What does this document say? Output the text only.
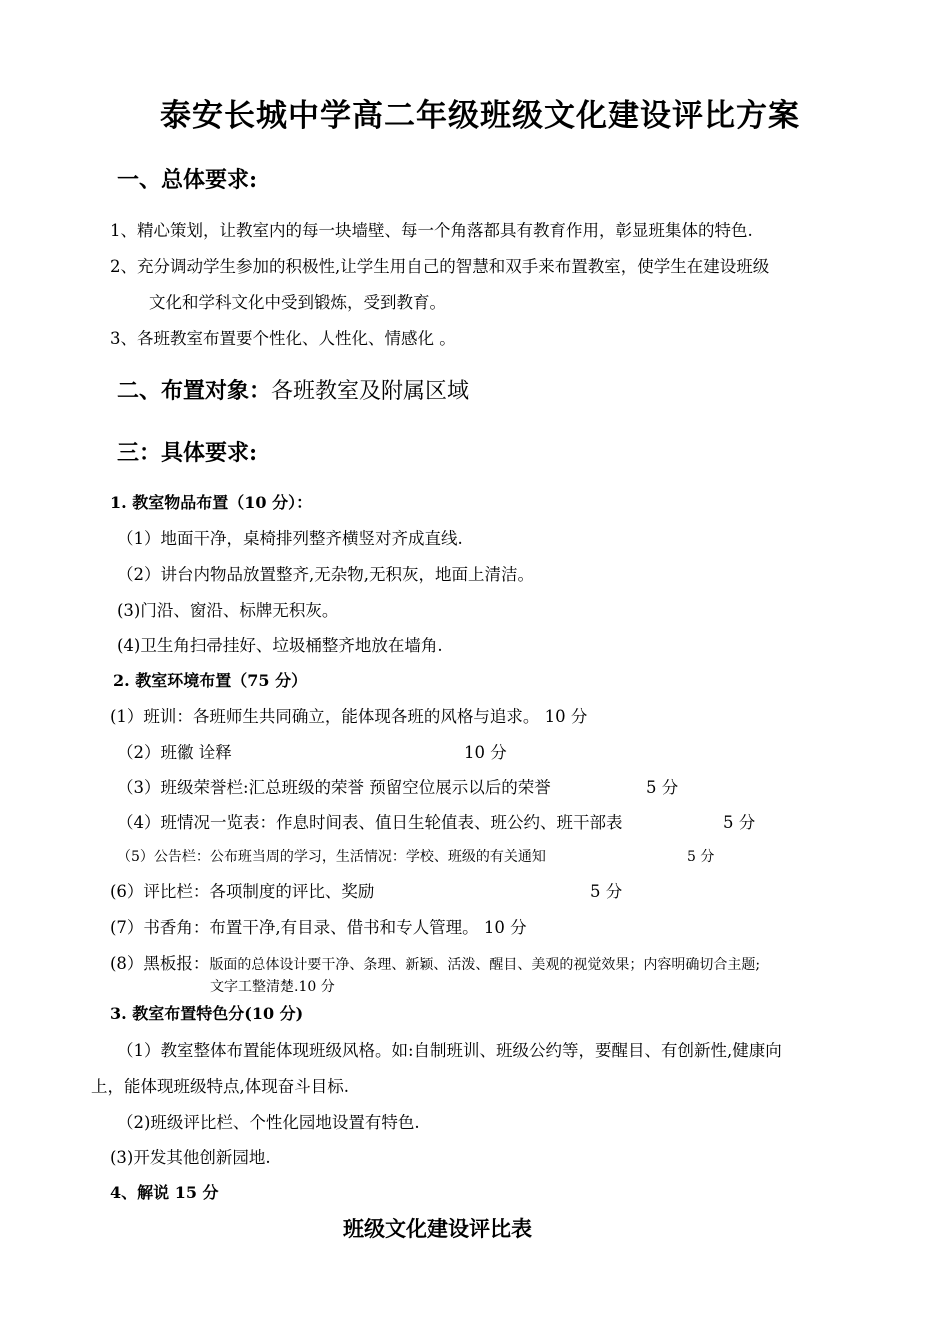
泰安长城中学高二年级班级文化建设评比方案
一、总体要求:
1、精心策划，让教室内的每一块墙壁、每一个角落都具有教育作用，彰显班集体的特色.
2、充分调动学生参加的积极性,让学生用自己的智慧和双手来布置教室，使学生在建设班级
文化和学科文化中受到锻炼，受到教育。
3、各班教室布置要个性化、人性化、情感化 。
二、布置对象：各班教室及附属区域
三：具体要求:
1. 教室物品布置（10 分）：
（1）地面干净，桌椅排列整齐横竖对齐成直线.
（2）讲台内物品放置整齐,无杂物,无积灰，地面上清洁。
(3)门沿、窗沿、标牌无积灰。
(4)卫生角扫帚挂好、垃圾桶整齐地放在墙角.
2. 教室环境布置（75 分）
(1）班训：各班师生共同确立，能体现各班的风格与追求。 10 分
（2）班徽 诠释	10 分
（3）班级荣誉栏:汇总班级的荣誉 预留空位展示以后的荣誉	5 分
（4）班情况一览表：作息时间表、值日生轮值表、班公约、班干部表	5 分
（5）公告栏：公布班当周的学习，生活情况：学校、班级的有关通知	5 分
(6）评比栏：各项制度的评比、奖励	5 分
(7）书香角：布置干净,有目录、借书和专人管理。 10 分
(8）黑板报：版面的总体设计要干净、条理、新颖、活泼、醒目、美观的视觉效果；内容明确切合主题;
文字工整清楚.10 分
3. 教室布置特色分(10 分)
（1）教室整体布置能体现班级风格。如:自制班训、班级公约等，要醒目、有创新性,健康向
上，能体现班级特点,体现奋斗目标.
（2)班级评比栏、个性化园地设置有特色.
(3)开发其他创新园地.
4、解说 15 分
班级文化建设评比表
